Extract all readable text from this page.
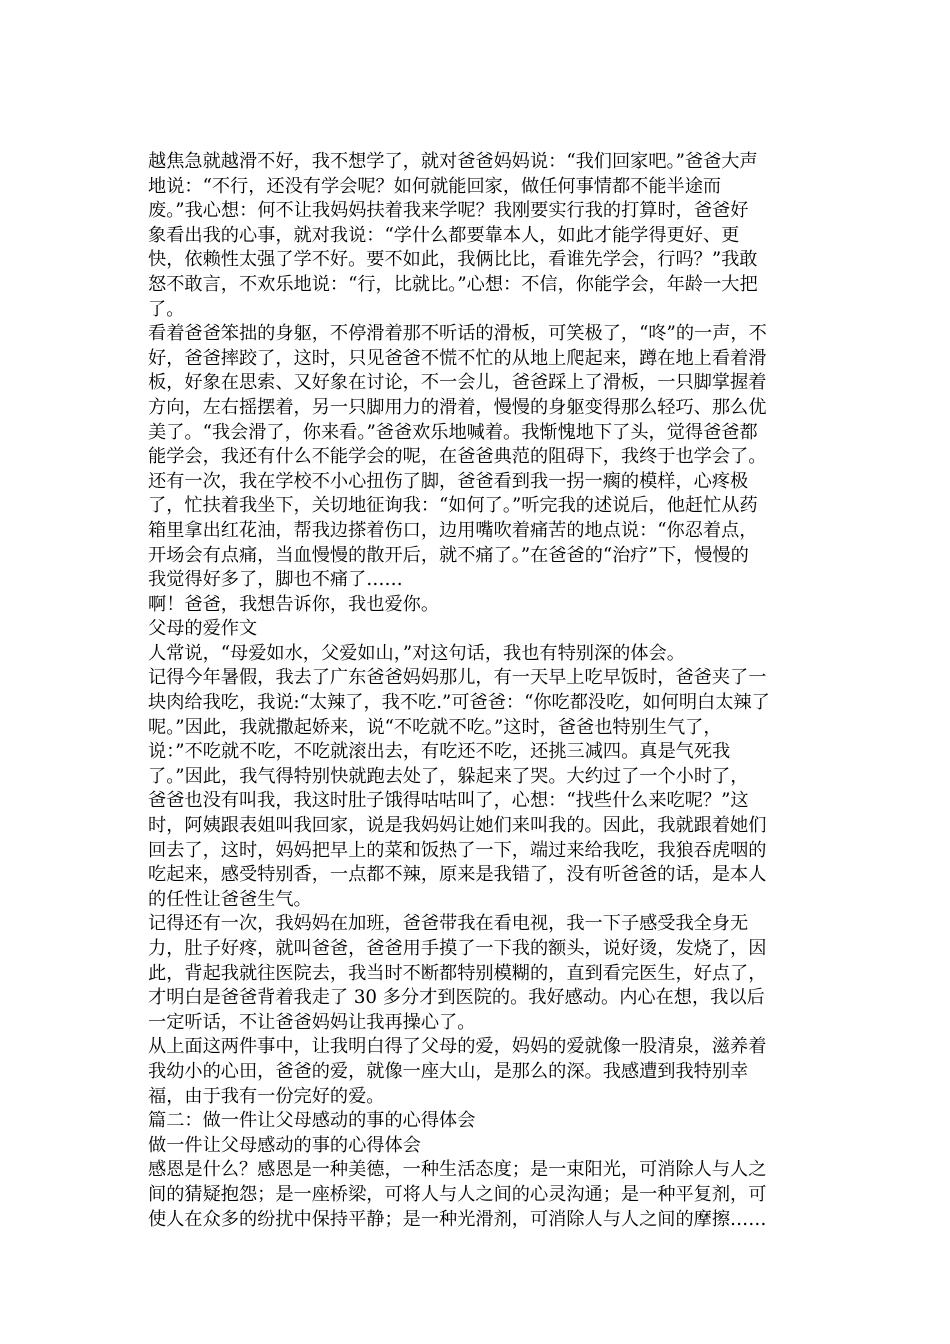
越焦急就越滑不好，我不想学了，就对爸爸妈妈说：“我们回家吧。”爸爸大声
地说：“不行，还没有学会呢？如何就能回家，做任何事情都不能半途而
废。”我心想：何不让我妈妈扶着我来学呢？我刚要实行我的打算时，爸爸好
象看出我的心事，就对我说：“学什么都要靠本人，如此才能学得更好、更
快，依赖性太强了学不好。要不如此，我俩比比，看谁先学会，行吗？”我敢
怒不敢言，不欢乐地说：“行，比就比。”心想：不信，你能学会，年龄一大把
了。

看着爸爸笨拙的身躯，不停滑着那不听话的滑板，可笑极了，“咚”的一声，不
好，爸爸摔跤了，这时，只见爸爸不慌不忙的从地上爬起来，蹲在地上看着滑
板，好象在思索、又好象在讨论，不一会儿，爸爸踩上了滑板，一只脚掌握着
方向，左右摇摆着，另一只脚用力的滑着，慢慢的身躯变得那么轻巧、那么优
美了。“我会滑了，你来看。”爸爸欢乐地喊着。我惭愧地下了头，觉得爸爸都
能学会，我还有什么不能学会的呢，在爸爸典范的阻碍下，我终于也学会了。

还有一次，我在学校不小心扭伤了脚，爸爸看到我一拐一瘸的模样，心疼极
了，忙扶着我坐下，关切地征询我：“如何了。”听完我的述说后，他赶忙从药
箱里拿出红花油，帮我边搽着伤口，边用嘴吹着痛苦的地点说：“你忍着点，
开场会有点痛，当血慢慢的散开后，就不痛了。”在爸爸的“治疗”下，慢慢的
我觉得好多了，脚也不痛了……

啊！爸爸，我想告诉你，我也爱你。

父母的爱作文

人常说，“母爱如水，父爱如山，”对这句话，我也有特别深的体会。

记得今年暑假，我去了广东爸爸妈妈那儿，有一天早上吃早饭时，爸爸夹了一
块肉给我吃，我说:“太辣了，我不吃.”可爸爸：“你吃都没吃，如何明白太辣了
呢。”因此，我就撒起娇来，说“不吃就不吃。”这时，爸爸也特别生气了，
说：”不吃就不吃，不吃就滚出去，有吃还不吃，还挑三减四。真是气死我
了。”因此，我气得特别快就跑去处了，躲起来了哭。大约过了一个小时了，
爸爸也没有叫我，我这时肚子饿得咕咕叫了，心想：“找些什么来吃呢？”这
时，阿姨跟表姐叫我回家，说是我妈妈让她们来叫我的。因此，我就跟着她们
回去了，这时，妈妈把早上的菜和饭热了一下，端过来给我吃，我狼吞虎咽的
吃起来，感受特别香，一点都不辣，原来是我错了，没有听爸爸的话，是本人
的任性让爸爸生气。

记得还有一次，我妈妈在加班，爸爸带我在看电视，我一下子感受我全身无
力，肚子好疼，就叫爸爸，爸爸用手摸了一下我的额头，说好烫，发烧了，因
此，背起我就往医院去，我当时不断都特别模糊的，直到看完医生，好点了，
才明白是爸爸背着我走了 30 多分才到医院的。我好感动。内心在想，我以后
一定听话，不让爸爸妈妈让我再操心了。

从上面这两件事中，让我明白得了父母的爱，妈妈的爱就像一股清泉，滋养着
我幼小的心田，爸爸的爱，就像一座大山，是那么的深。我感遭到我特别幸
福，由于我有一份完好的爱。

篇二：做一件让父母感动的事的心得体会

做一件让父母感动的事的心得体会

感恩是什么？感恩是一种美德，一种生活态度；是一束阳光，可消除人与人之
间的猜疑抱怨；是一座桥梁，可将人与人之间的心灵沟通；是一种平复剂，可
使人在众多的纷扰中保持平静；是一种光滑剂，可消除人与人之间的摩擦……
